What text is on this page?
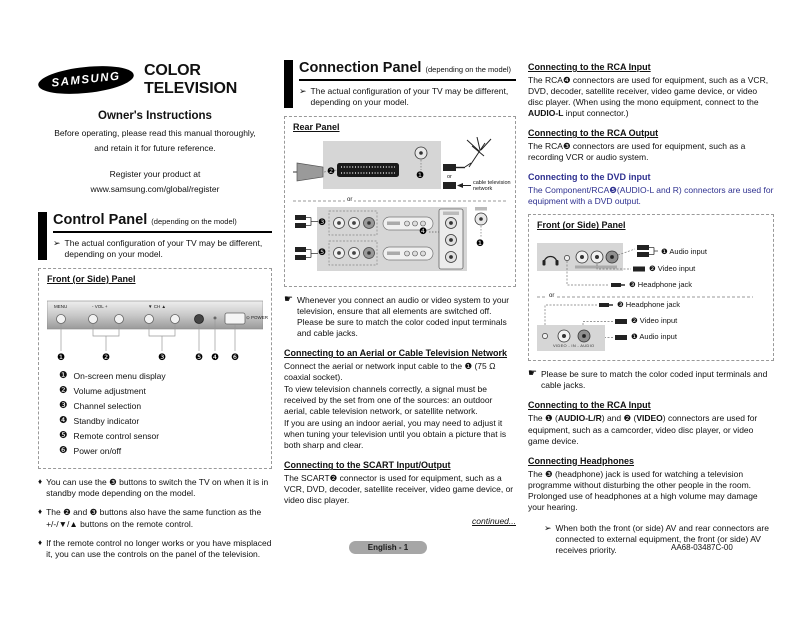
SAMSUNG COLOR TELEVISION
Owner's Instructions
Before operating, please read this manual thoroughly,
and retain it for future reference.
Register your product at
www.samsung.com/global/register
Control Panel (depending on the model)
➢ The actual configuration of your TV may be different, depending on your model.
Front (or Side) Panel
MENU	- VOL +	▼ CH ▲
⊙ POWER
❶	❷	❸	❺ ❹ ❻
❶ On-screen menu display
❷ Volume adjustment
❸ Channel selection
❹ Standby indicator
❺ Remote control sensor
❻ Power on/off
♦ You can use the ❸ buttons to switch the TV on when it is in standby mode depending on the model.
♦ The ❷ and ❸ buttons also have the same function as the +/-/▼/▲ buttons on the remote control.
♦ If the remote control no longer works or you have misplaced it, you can use the controls on the panel of the television.
Connection Panel (depending on the model)
➢ The actual configuration of your TV may be different, depending on your model.
Rear Panel
❷	❶	or
cable television network
or
❸
❺
❹
❶
☛ Whenever you connect an audio or video system to your television, ensure that all elements are switched off. Please be sure to match the color coded input terminals and cable jacks.
Connecting to an Aerial or Cable Television Network
Connect the aerial or network input cable to the ❶ (75 Ω coaxial socket).
To view television channels correctly, a signal must be received by the set from one of the sources: an outdoor aerial, cable television network, or satellite network.
If you are using an indoor aerial, you may need to adjust it when tuning your television until you obtain a picture that is both sharp and clear.
Connecting to the SCART Input/Output
The SCART❷ connector is used for equipment, such as a VCR, DVD, decoder, satellite receiver, video game device, or video disc player.
continued...
Connecting to the RCA Input
The RCA❹ connectors are used for equipment, such as a VCR, DVD, decoder, satellite receiver, video game device, or video disc player. (When using the mono equipment, connect to the AUDIO-L input connector.)
Connecting to the RCA Output
The RCA❸ connectors are used for equipment, such as a recording VCR or audio system.
Connecting to the DVD input
The Component/RCA❺(AUDIO-L and R) connectors are used for equipment with a DVD output.
Front (or Side) Panel
❶ Audio input
❷ Video input
❸ Headphone jack
or
❸ Headphone jack
❷ Video input
❶ Audio input
VIDEO - IN - AUDIO
☛ Please be sure to match the color coded input terminals and cable jacks.
Connecting to the RCA Input
The ❶ (AUDIO-L/R) and ❷ (VIDEO) connectors are used for equipment, such as a camcorder, video disc player, or video game device.
Connecting Headphones
The ❸ (headphone) jack is used for watching a television programme without disturbing the other people in the room. Prolonged use of headphones at a high volume may damage your hearing.
➢ When both the front (or side) AV and rear connectors are connected to external equipment, the front (or side) AV receives priority.
English - 1	AA68-03487C-00
